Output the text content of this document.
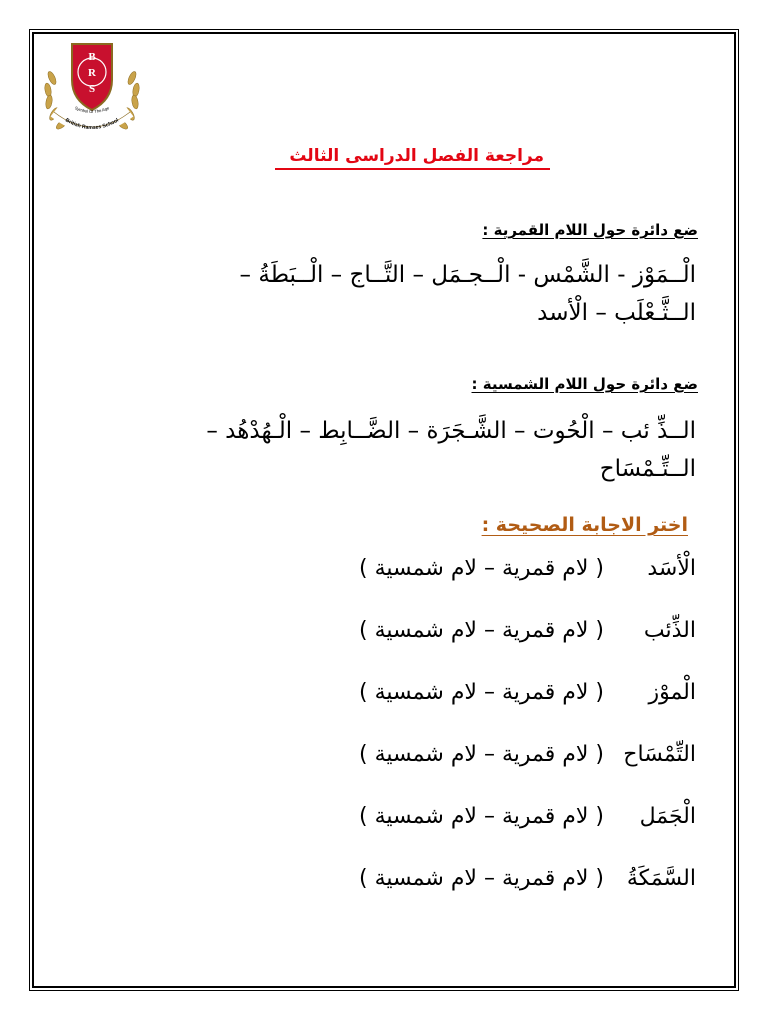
B
R
S
British Ramses School
Symbol Of The Age
مراجعة الفصل الدراسى الثالث
ضع دائرة حول اللام القمرية :
الْــمَوْز - الشَّمْس - الْــجـمَل – التَّــاج – الْــبَطَةُ –
الــثَّـعْلَب – الْأسد
ضع دائرة حول اللام الشمسية :
الــذِّ ئب – الْحُوت – الشَّـجَرَة – الضَّــابِط – الْـهُدْهُد –
الــتِّـمْسَاح
اختر الاجابة الصحيحة :
الْأسَد
( لام قمرية – لام شمسية )
الذِّئب
( لام قمرية – لام شمسية )
الْموْز
( لام قمرية – لام شمسية )
التِّمْسَاح
( لام قمرية – لام شمسية )
الْجَمَل
( لام قمرية – لام شمسية )
السَّمَكَةُ
( لام قمرية – لام شمسية )
